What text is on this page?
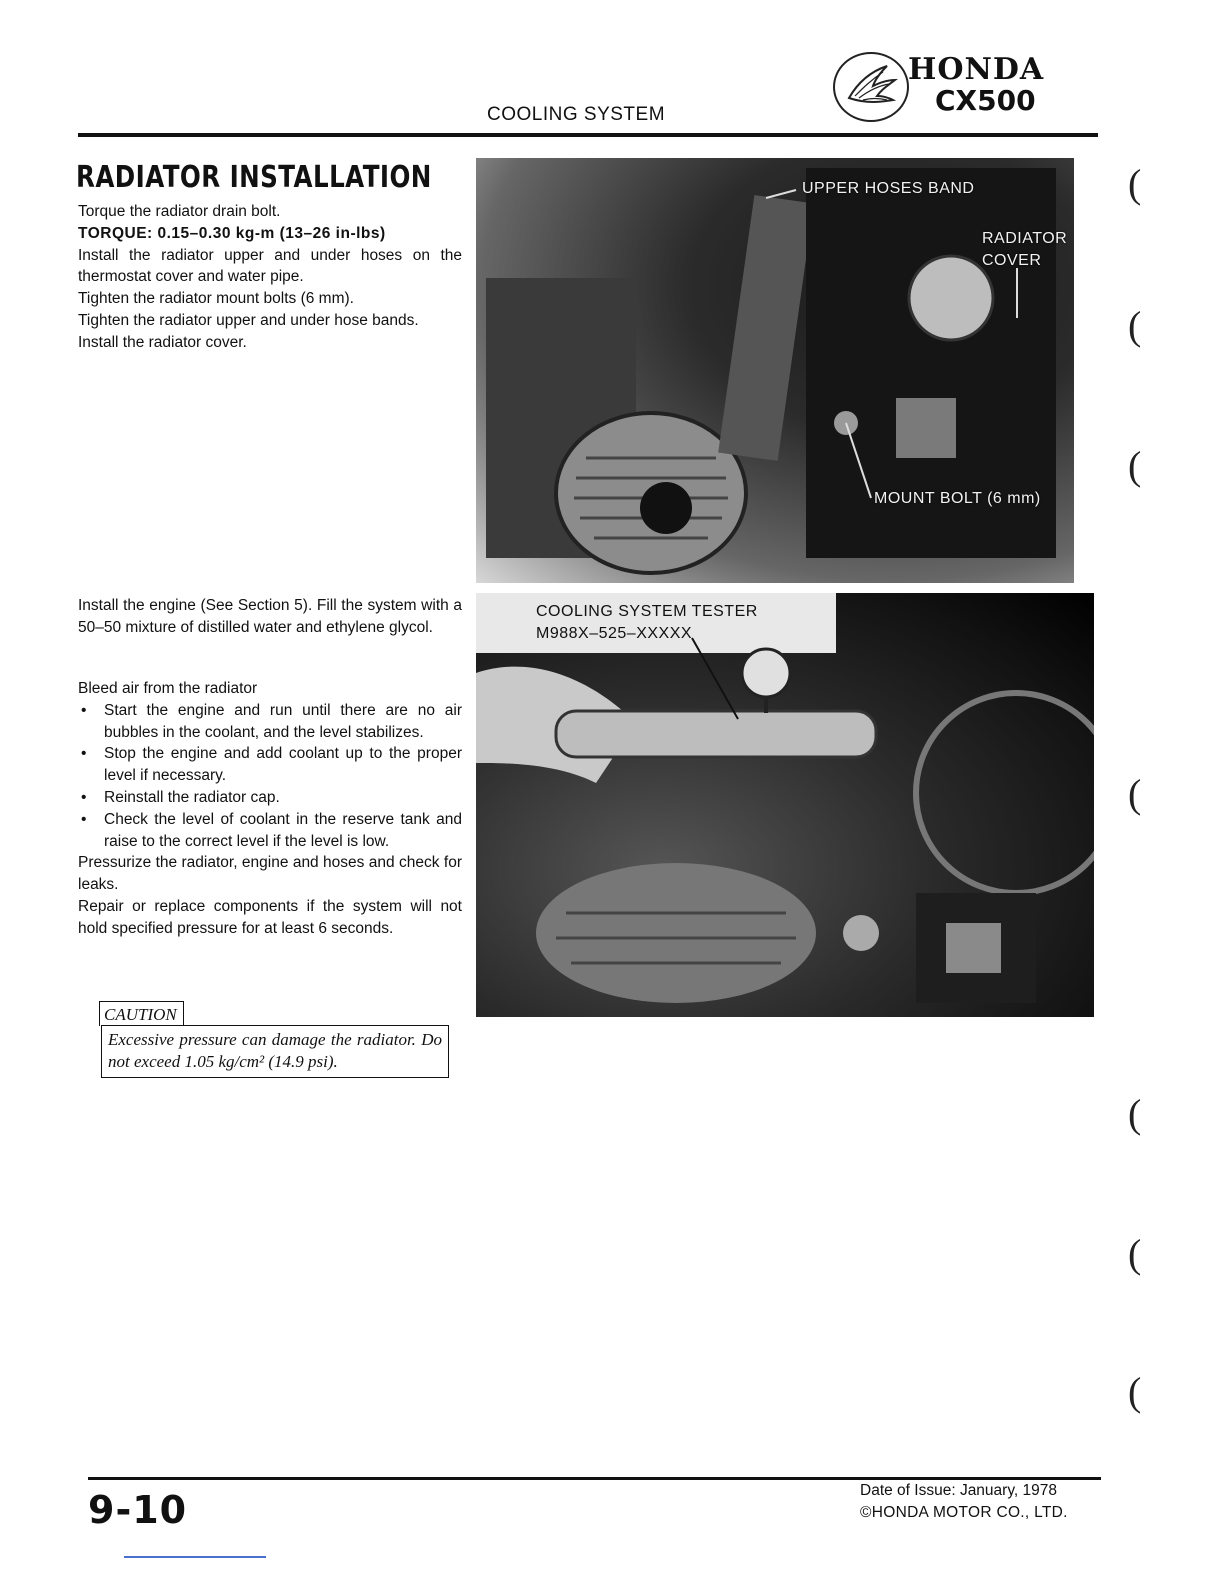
COOLING SYSTEM
HONDA
CX500
RADIATOR INSTALLATION

Torque the radiator drain bolt.

TORQUE: 0.15–0.30 kg-m (13–26 in-lbs)

Install the radiator upper and under hoses on the thermostat cover and water pipe.

Tighten the radiator mount bolts (6 mm).

Tighten the radiator upper and under hose bands.

Install the radiator cover.

Install the engine (See Section 5). Fill the system with a 50–50 mixture of distilled water and ethylene glycol.

Bleed air from the radiator

• Start the engine and run until there are no air bubbles in the coolant, and the level stabilizes.
• Stop the engine and add coolant up to the proper level if necessary.
• Reinstall the radiator cap.
• Check the level of coolant in the reserve tank and raise to the correct level if the level is low.

Pressurize the radiator, engine and hoses and check for leaks.

Repair or replace components if the system will not hold specified pressure for at least 6 seconds.

CAUTION
Excessive pressure can damage the radiator. Do not exceed 1.05 kg/cm² (14.9 psi).
UPPER HOSES BAND
RADIATOR
COVER
MOUNT BOLT (6 mm)
COOLING SYSTEM TESTER
M988X–525–XXXXX
(
(
(
(
(
(
(
9-10	Date of Issue: January, 1978
©HONDA MOTOR CO., LTD.
